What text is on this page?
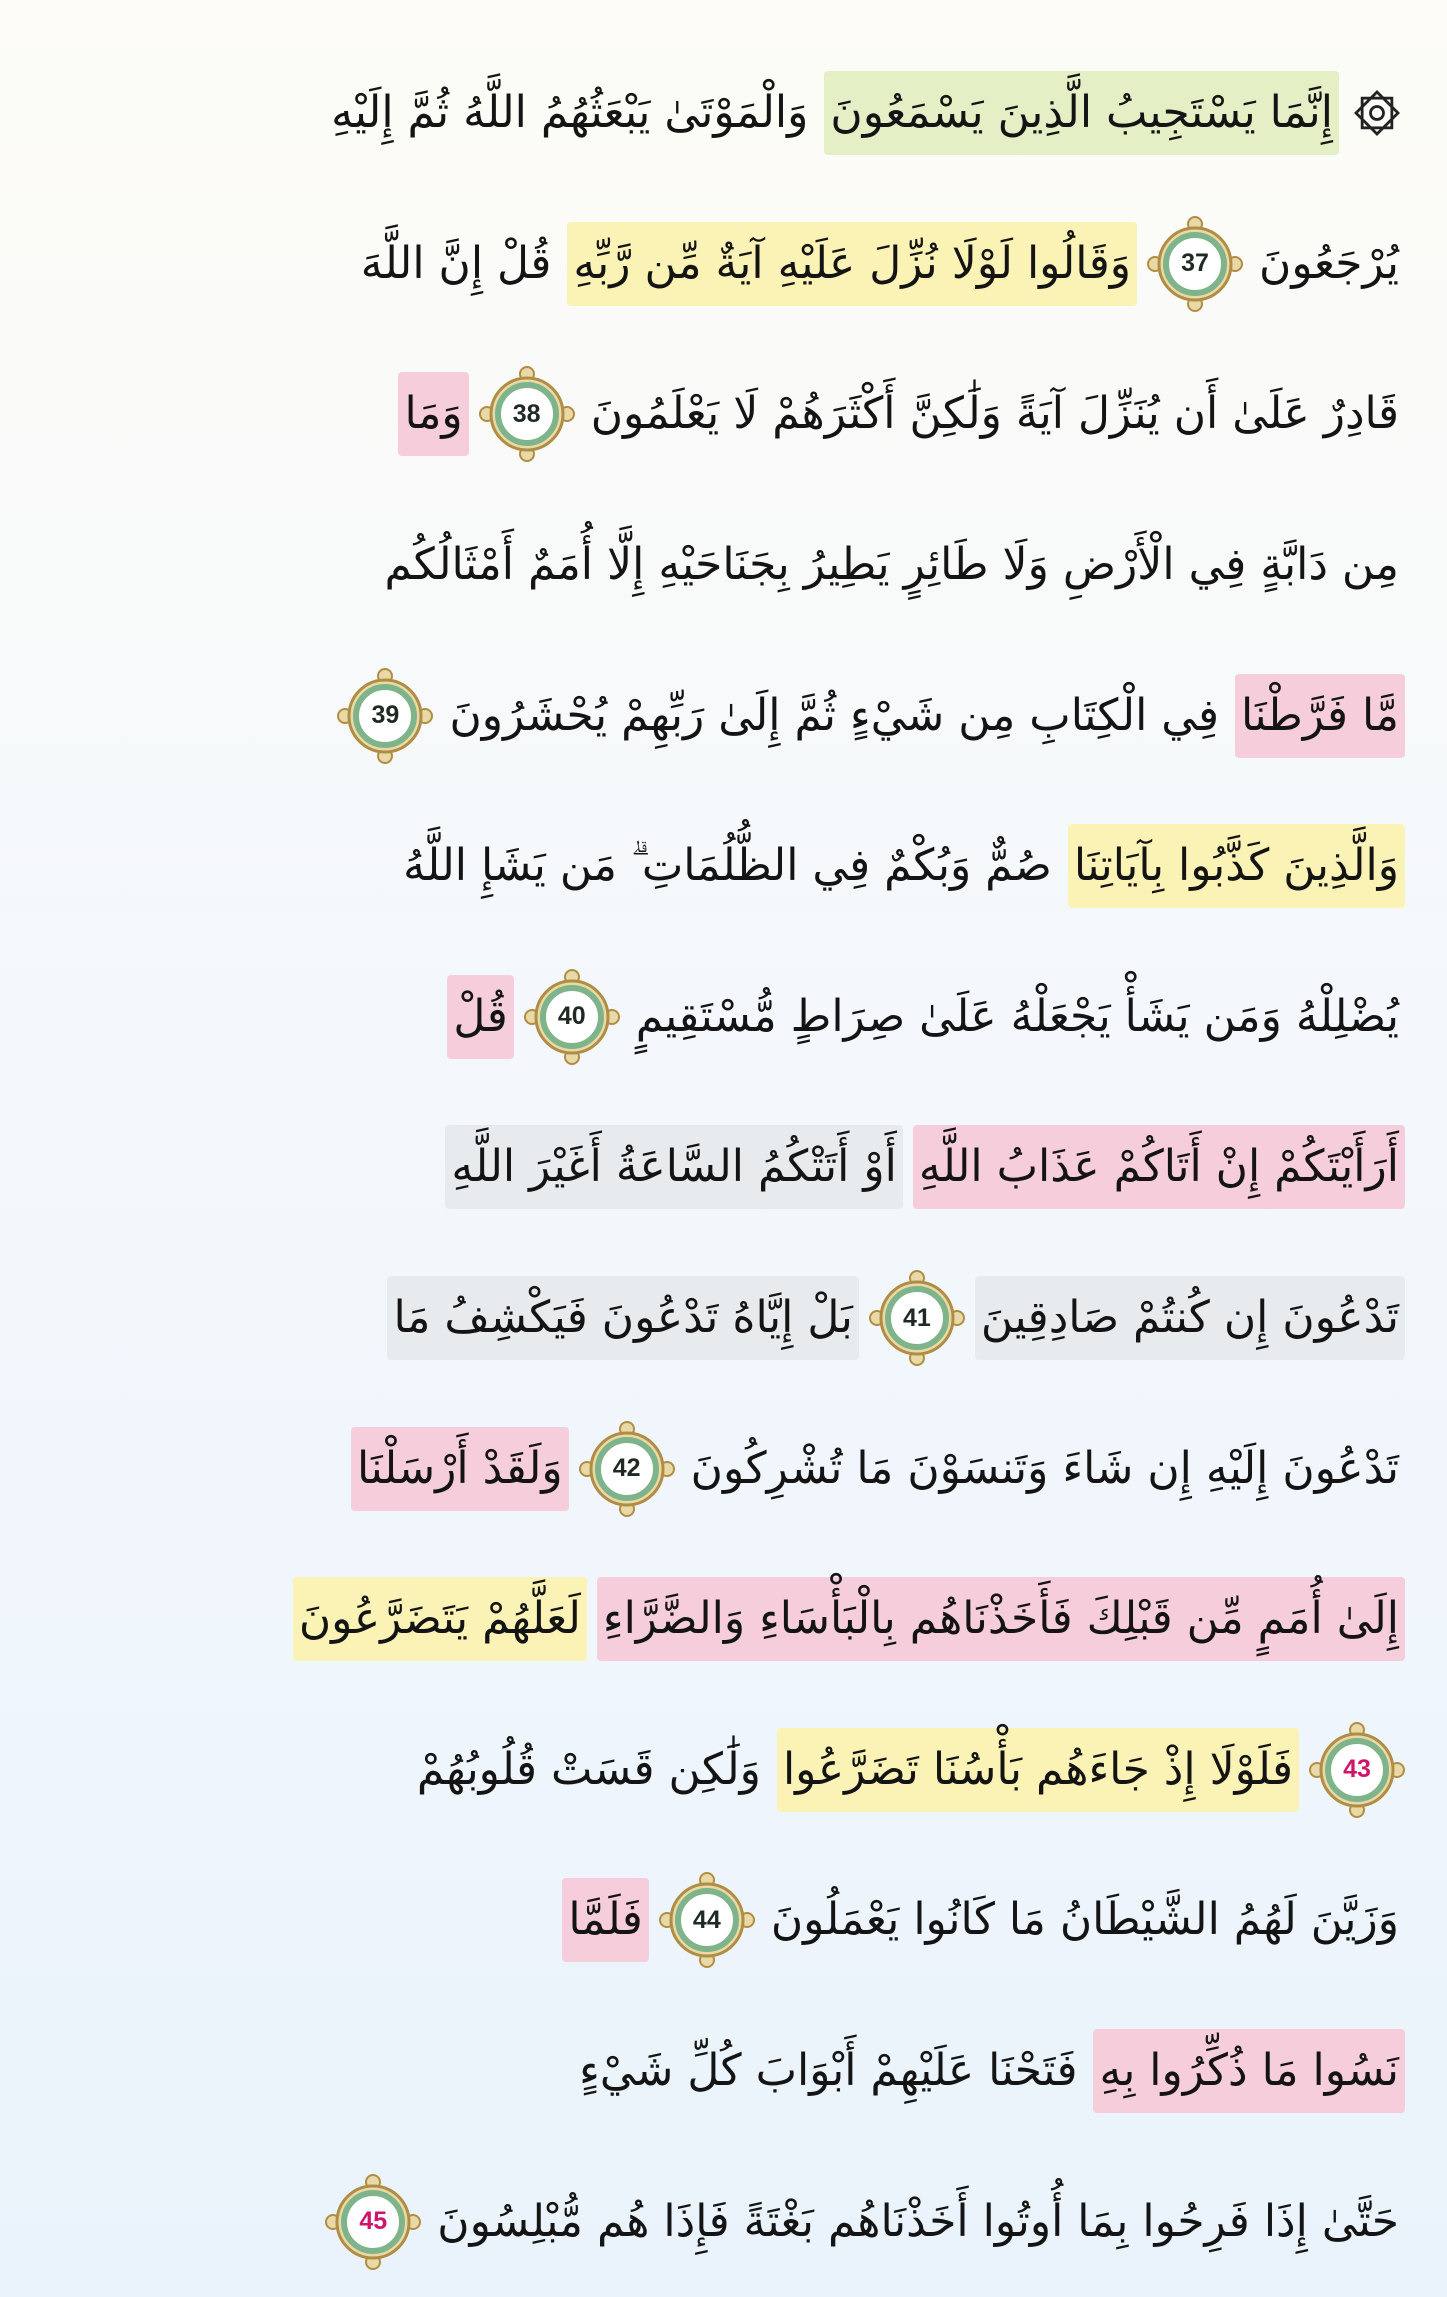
إِنَّمَا يَسْتَجِيبُ الَّذِينَ يَسْمَعُونَ
وَالْمَوْتَىٰ يَبْعَثُهُمُ اللَّهُ ثُمَّ إِلَيْهِ
يُرْجَعُونَ
37
وَقَالُوا لَوْلَا نُزِّلَ عَلَيْهِ آيَةٌ مِّن رَّبِّهِ
قُلْ إِنَّ اللَّهَ
قَادِرٌ عَلَىٰ أَن يُنَزِّلَ آيَةً وَلَٰكِنَّ أَكْثَرَهُمْ لَا يَعْلَمُونَ
38
وَمَا
مِن دَابَّةٍ فِي الْأَرْضِ وَلَا طَائِرٍ يَطِيرُ بِجَنَاحَيْهِ إِلَّا أُمَمٌ أَمْثَالُكُم
مَّا فَرَّطْنَا
فِي الْكِتَابِ مِن شَيْءٍ ثُمَّ إِلَىٰ رَبِّهِمْ يُحْشَرُونَ
39
وَالَّذِينَ كَذَّبُوا بِآيَاتِنَا
صُمٌّ وَبُكْمٌ فِي الظُّلُمَاتِ ۗ مَن يَشَإِ اللَّهُ
يُضْلِلْهُ وَمَن يَشَأْ يَجْعَلْهُ عَلَىٰ صِرَاطٍ مُّسْتَقِيمٍ
40
قُلْ
أَرَأَيْتَكُمْ إِنْ أَتَاكُمْ عَذَابُ اللَّهِ
أَوْ أَتَتْكُمُ السَّاعَةُ أَغَيْرَ اللَّهِ
تَدْعُونَ إِن كُنتُمْ صَادِقِينَ
41
بَلْ إِيَّاهُ تَدْعُونَ فَيَكْشِفُ مَا
تَدْعُونَ إِلَيْهِ إِن شَاءَ وَتَنسَوْنَ مَا تُشْرِكُونَ
42
وَلَقَدْ أَرْسَلْنَا
إِلَىٰ أُمَمٍ مِّن قَبْلِكَ فَأَخَذْنَاهُم بِالْبَأْسَاءِ وَالضَّرَّاءِ
لَعَلَّهُمْ يَتَضَرَّعُونَ
43
فَلَوْلَا إِذْ جَاءَهُم بَأْسُنَا تَضَرَّعُوا
وَلَٰكِن قَسَتْ قُلُوبُهُمْ
وَزَيَّنَ لَهُمُ الشَّيْطَانُ مَا كَانُوا يَعْمَلُونَ
44
فَلَمَّا
نَسُوا مَا ذُكِّرُوا بِهِ
فَتَحْنَا عَلَيْهِمْ أَبْوَابَ كُلِّ شَيْءٍ
حَتَّىٰ إِذَا فَرِحُوا بِمَا أُوتُوا أَخَذْنَاهُم بَغْتَةً فَإِذَا هُم مُّبْلِسُونَ
45
